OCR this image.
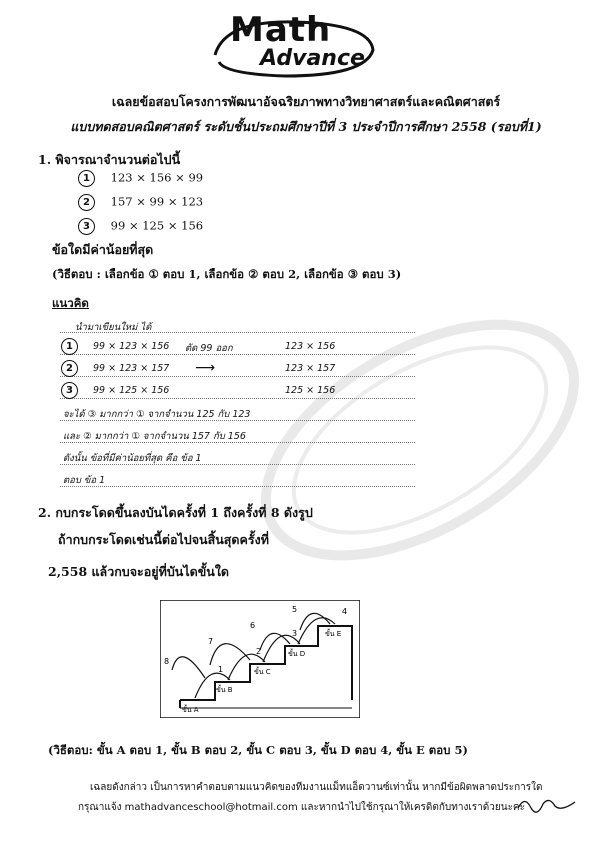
Math
Advance
เฉลยข้อสอบโครงการพัฒนาอัจฉริยภาพทางวิทยาศาสตร์และคณิตศาสตร์
แบบทดสอบคณิตศาสตร์ ระดับชั้นประถมศึกษาปีที่ 3 ประจำปีการศึกษา 2558 (รอบที่1)
1. พิจารณาจำนวนต่อไปนี้
1 123 × 156 × 99
2 157 × 99 × 123
3 99 × 125 × 156
ข้อใดมีค่าน้อยที่สุด
(วิธีตอบ : เลือกข้อ ① ตอบ 1, เลือกข้อ ② ตอบ 2, เลือกข้อ ③ ตอบ 3)
แนวคิด
นำมาเขียนใหม่ ได้
1	99 × 123 × 156 ตัด 99 ออก	123 × 156
2	99 × 123 × 157 ⟶	123 × 157
3	99 × 125 × 156	125 × 156
จะได้ ③ มากกว่า ① จากจำนวน 125 กับ 123
และ ② มากกว่า ① จากจำนวน 157 กับ 156
ดังนั้น ข้อที่มีค่าน้อยที่สุด คือ ข้อ 1
ตอบ ข้อ 1
2. กบกระโดดขึ้นลงบันไดครั้งที่ 1 ถึงครั้งที่ 8 ดังรูป
ถ้ากบกระโดดเช่นนี้ต่อไปจนสิ้นสุดครั้งที่
2,558 แล้วกบจะอยู่ที่บันไดขั้นใด
1
2
3
4
5
6
7
8
ขั้น A
ขั้น B
ขั้น C
ขั้น D
ขั้น E
(วิธีตอบ: ขั้น A ตอบ 1, ขั้น B ตอบ 2, ขั้น C ตอบ 3, ขั้น D ตอบ 4, ขั้น E ตอบ 5)
เฉลยดังกล่าว เป็นการหาคำตอบตามแนวคิดของทีมงานแม็ทแอ็ดวานซ์เท่านั้น หากมีข้อผิดพลาดประการใด
กรุณาแจ้ง mathadvanceschool@hotmail.com และหากนำไปใช้กรุณาให้เครดิตกับทางเราด้วยนะคะ
